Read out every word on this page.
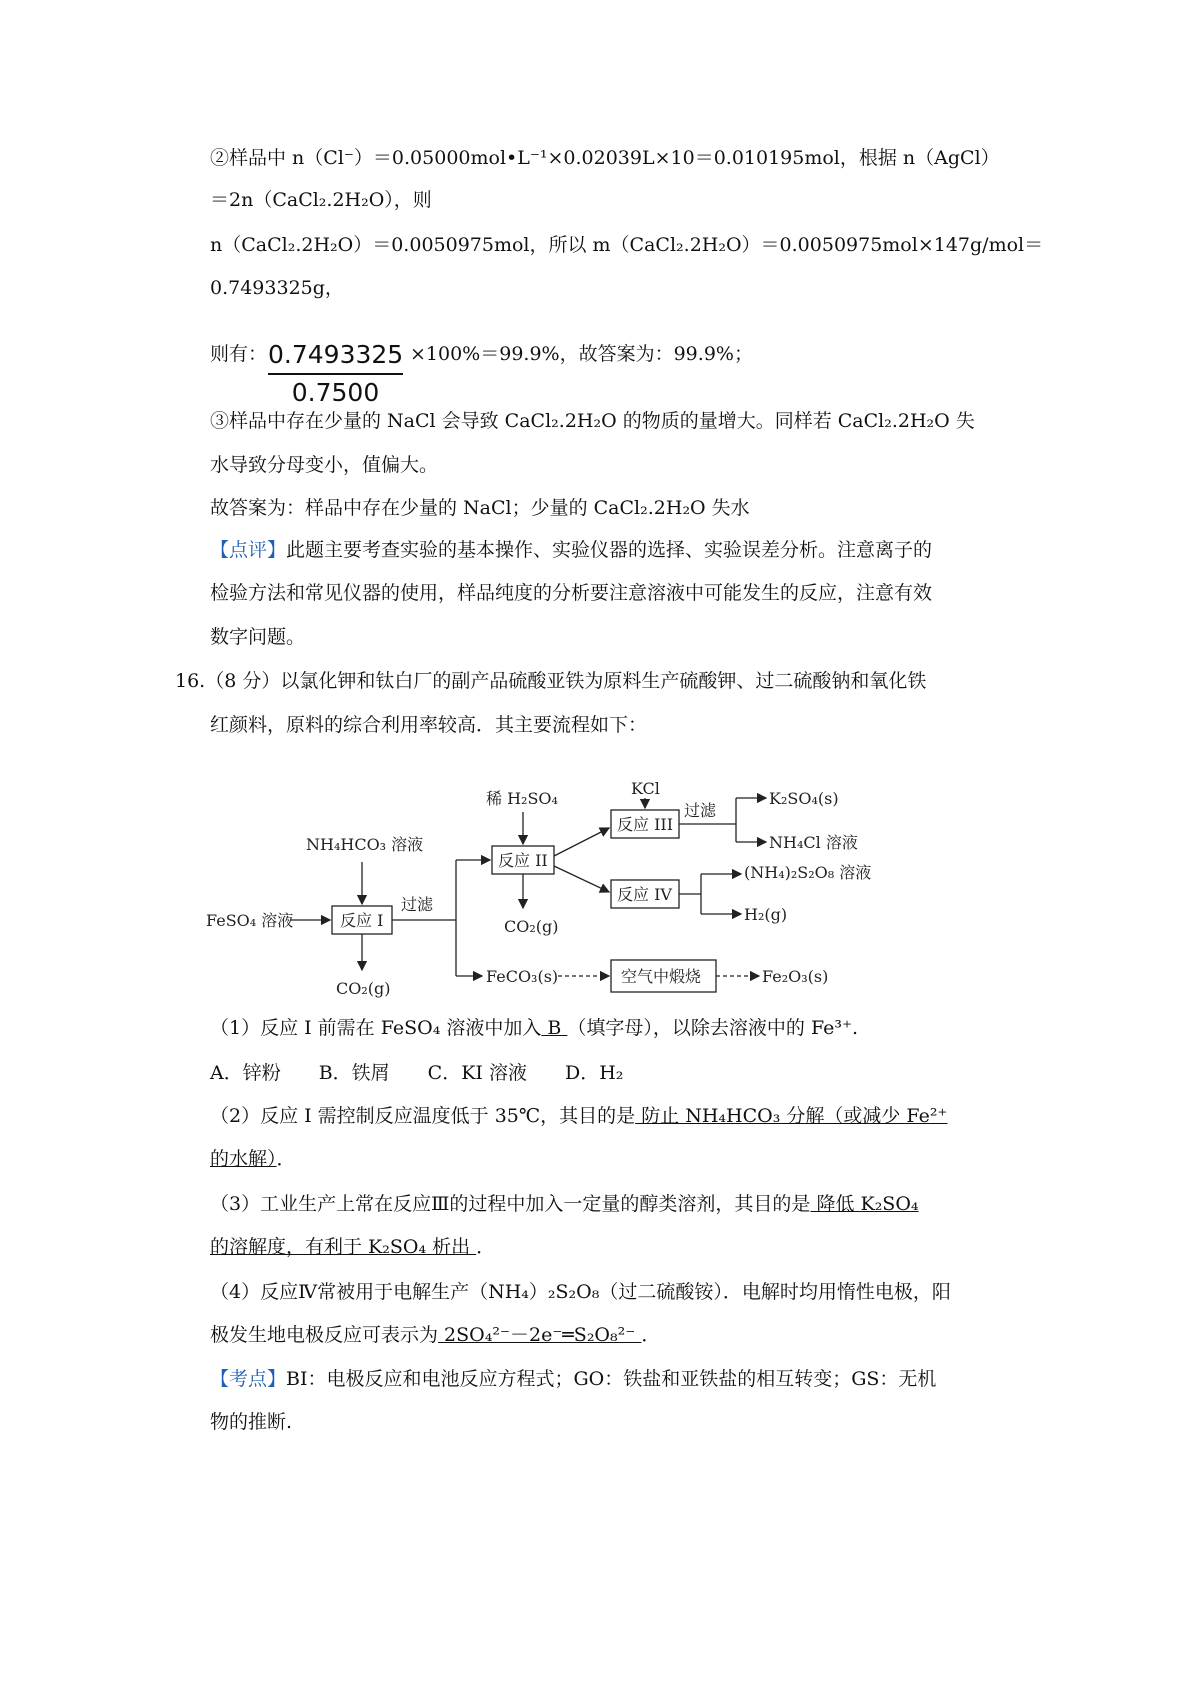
②样品中 n（Cl⁻）＝0.05000mol•L⁻¹×0.02039L×10＝0.010195mol，根据 n（AgCl）
＝2n（CaCl₂.2H₂O），则
n（CaCl₂.2H₂O）＝0.0050975mol，所以 m（CaCl₂.2H₂O）＝0.0050975mol×147g/mol＝
0.7493325g，
则有： 0.7493325
0.7500
×100%＝99.9%，故答案为：99.9%；
③样品中存在少量的 NaCl 会导致 CaCl₂.2H₂O 的物质的量增大。同样若 CaCl₂.2H₂O 失
水导致分母变小，值偏大。
故答案为：样品中存在少量的 NaCl；少量的 CaCl₂.2H₂O 失水
【点评】此题主要考查实验的基本操作、实验仪器的选择、实验误差分析。注意离子的
检验方法和常见仪器的使用，样品纯度的分析要注意溶液中可能发生的反应，注意有效
数字问题。
16.（8 分）以氯化钾和钛白厂的副产品硫酸亚铁为原料生产硫酸钾、过二硫酸钠和氧化铁
红颜料，原料的综合利用率较高．其主要流程如下：
FeSO₄ 溶液
NH₄HCO₃ 溶液
反应 I
CO₂(g)
过滤
稀 H₂SO₄
反应 II
CO₂(g)
KCl
反应 III
过滤
K₂SO₄(s)
NH₄Cl 溶液
反应 IV
(NH₄)₂S₂O₈ 溶液
H₂(g)
FeCO₃(s)	空气中煅烧	Fe₂O₃(s)
（1）反应 I 前需在 FeSO₄ 溶液中加入 B （填字母），以除去溶液中的 Fe³⁺.
A．锌粉　　B．铁屑　　C．KI 溶液　　D．H₂
（2）反应 I 需控制反应温度低于 35℃，其目的是 防止 NH₄HCO₃ 分解（或减少 Fe²⁺
的水解）．
（3）工业生产上常在反应Ⅲ的过程中加入一定量的醇类溶剂，其目的是 降低 K₂SO₄
的溶解度，有利于 K₂SO₄ 析出 ．
（4）反应Ⅳ常被用于电解生产（NH₄）₂S₂O₈（过二硫酸铵）．电解时均用惰性电极，阳
极发生地电极反应可表示为 2SO₄²⁻－2e⁻═S₂O₈²⁻ ．
【考点】BI：电极反应和电池反应方程式；GO：铁盐和亚铁盐的相互转变；GS：无机
物的推断.
